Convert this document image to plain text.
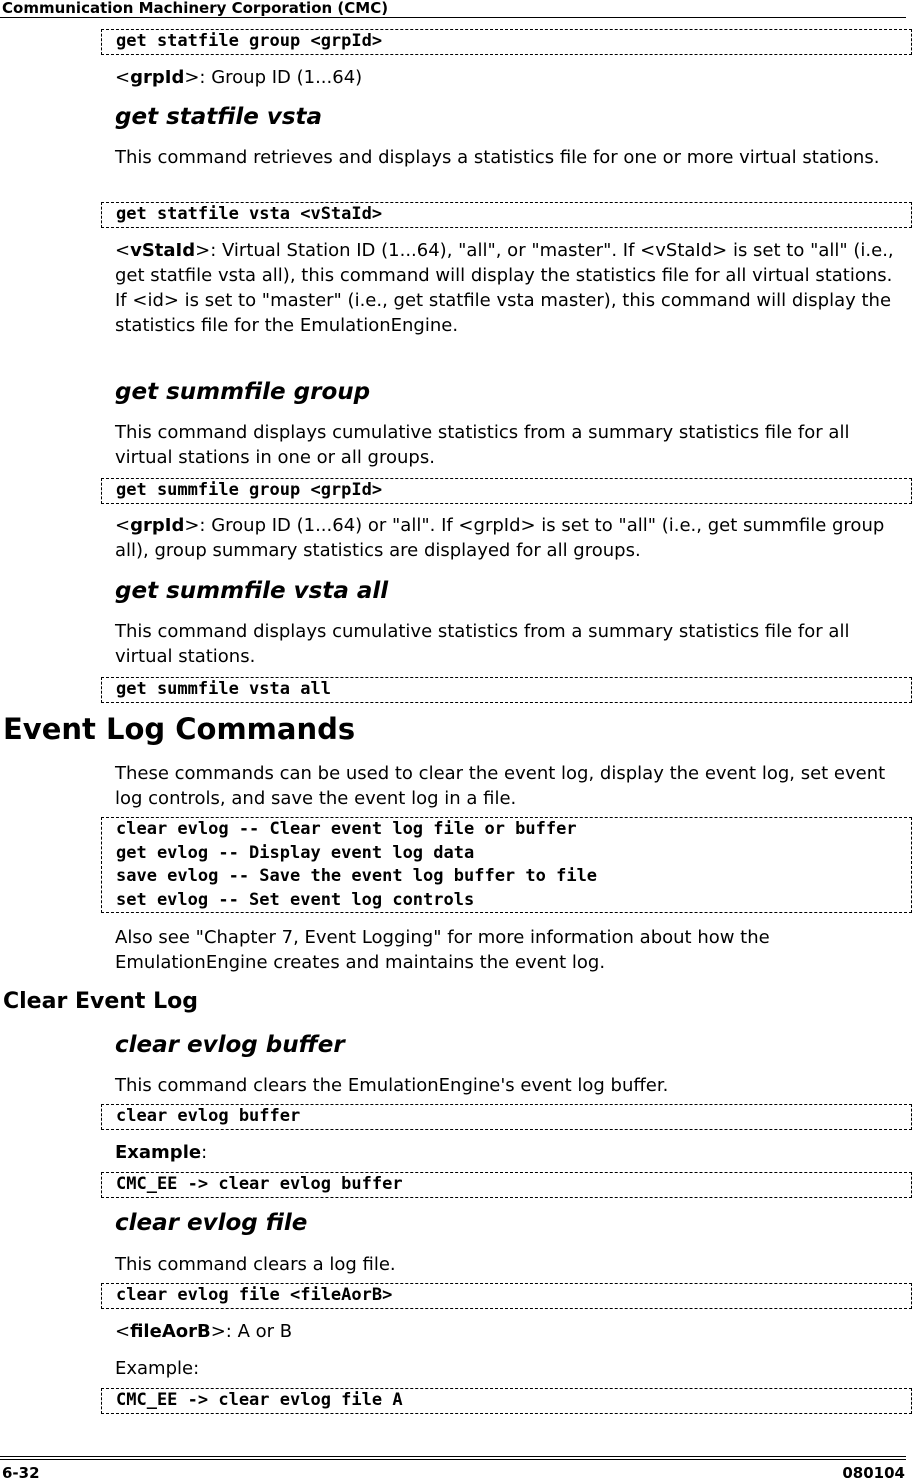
Communication Machinery Corporation (CMC)
get statfile group <grpId>
<grpId>: Group ID (1...64)
get statfile vsta
This command retrieves and displays a statistics file for one or more virtual stations.
get statfile vsta <vStaId>
<vStaId>: Virtual Station ID (1...64), "all", or "master". If <vStaId> is set to "all" (i.e., get statfile vsta all), this command will display the statistics file for all virtual stations. If <id> is set to "master" (i.e., get statfile vsta master), this command will display the statistics file for the EmulationEngine.
get summfile group
This command displays cumulative statistics from a summary statistics file for all virtual stations in one or all groups.
get summfile group <grpId>
<grpId>: Group ID (1...64) or "all". If <grpId> is set to "all" (i.e., get summfile group all), group summary statistics are displayed for all groups.
get summfile vsta all
This command displays cumulative statistics from a summary statistics file for all virtual stations.
get summfile vsta all
Event Log Commands
These commands can be used to clear the event log, display the event log, set event log controls, and save the event log in a file.
clear evlog -- Clear event log file or buffer
get evlog -- Display event log data
save evlog -- Save the event log buffer to file
set evlog -- Set event log controls
Also see "Chapter 7, Event Logging" for more information about how the EmulationEngine creates and maintains the event log.
Clear Event Log
clear evlog buffer
This command clears the EmulationEngine's event log buffer.
clear evlog buffer
Example:
CMC_EE -> clear evlog buffer
clear evlog file
This command clears a log file.
clear evlog file <fileAorB>
<fileAorB>: A or B
Example:
CMC_EE -> clear evlog file A
6-32	080104
